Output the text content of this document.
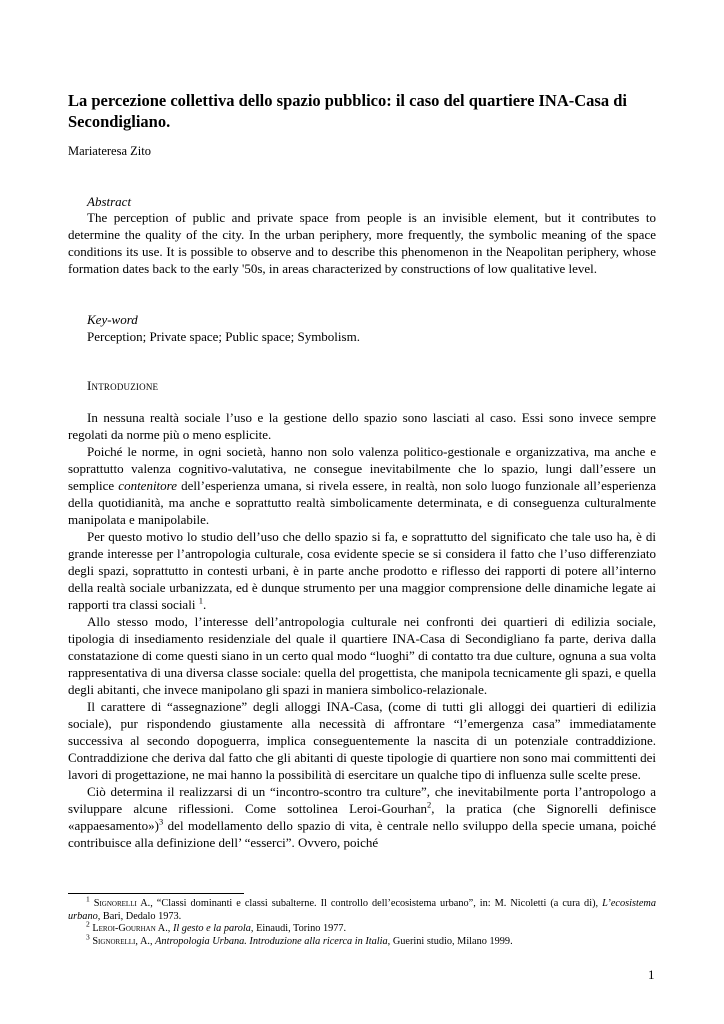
La percezione collettiva dello spazio pubblico: il caso del quartiere INA-Casa di Secondigliano.
Mariateresa Zito
Abstract

The perception of public and private space from people is an invisible element, but it contributes to determine the quality of the city. In the urban periphery, more frequently, the symbolic meaning of the space conditions its use. It is possible to observe and to describe this phenomenon in the Neapolitan periphery, whose formation dates back to the early '50s, in areas characterized by constructions of low qualitative level.

Key-word
Perception; Private space; Public space; Symbolism.
Introduzione

In nessuna realtà sociale l’uso e la gestione dello spazio sono lasciati al caso. Essi sono invece sempre regolati da norme più o meno esplicite.

Poiché le norme, in ogni società, hanno non solo valenza politico-gestionale e organizzativa, ma anche e soprattutto valenza cognitivo-valutativa, ne consegue inevitabilmente che lo spazio, lungi dall’essere un semplice contenitore dell’esperienza umana, si rivela essere, in realtà, non solo luogo funzionale all’esperienza della quotidianità, ma anche e soprattutto realtà simbolicamente determinata, e di conseguenza culturalmente manipolata e manipolabile.

Per questo motivo lo studio dell’uso che dello spazio si fa, e soprattutto del significato che tale uso ha, è di grande interesse per l’antropologia culturale, cosa evidente specie se si considera il fatto che l’uso differenziato degli spazi, soprattutto in contesti urbani, è in parte anche prodotto e riflesso dei rapporti di potere all’interno della realtà sociale urbanizzata, ed è dunque strumento per una maggior comprensione delle dinamiche legate ai rapporti tra classi sociali $^1$.

Allo stesso modo, l’interesse dell’antropologia culturale nei confronti dei quartieri di edilizia sociale, tipologia di insediamento residenziale del quale il quartiere INA-Casa di Secondigliano fa parte, deriva dalla constatazione di come questi siano in un certo qual modo “luoghi” di contatto tra due culture, ognuna a sua volta rappresentativa di una diversa classe sociale: quella del progettista, che manipola tecnicamente gli spazi, e quella degli abitanti, che invece manipolano gli spazi in maniera simbolico-relazionale.

Il carattere di “assegnazione” degli alloggi INA-Casa, (come di tutti gli alloggi dei quartieri di edilizia sociale), pur rispondendo giustamente alla necessità di affrontare “l’emergenza casa” immediatamente successiva al secondo dopoguerra, implica conseguentemente la nascita di un potenziale contraddizione. Contraddizione che deriva dal fatto che gli abitanti di queste tipologie di quartiere non sono mai committenti dei lavori di progettazione, ne mai hanno la possibilità di esercitare un qualche tipo di influenza sulle scelte prese.

Ciò determina il realizzarsi di un “incontro-scontro tra culture”, che inevitabilmente porta l’antropologo a sviluppare alcune riflessioni. Come sottolinea Leroi-Gourhan$^2$, la pratica (che Signorelli definisce «appaesamento»)$^3$ del modellamento dello spazio di vita, è centrale nello sviluppo della specie umana, poiché contribuisce alla definizione dell’ “esserci”. Ovvero, poiché

$^1$ Signorelli A., “Classi dominanti e classi subalterne. Il controllo dell’ecosistema urbano”, in: M. Nicoletti (a cura di), L’ecosistema urbano, Bari, Dedalo 1973.

$^2$ Leroi-Gourhan A., Il gesto e la parola, Einaudi, Torino 1977.

$^3$ Signorelli, A., Antropologia Urbana. Introduzione alla ricerca in Italia, Guerini studio, Milano 1999.

1
